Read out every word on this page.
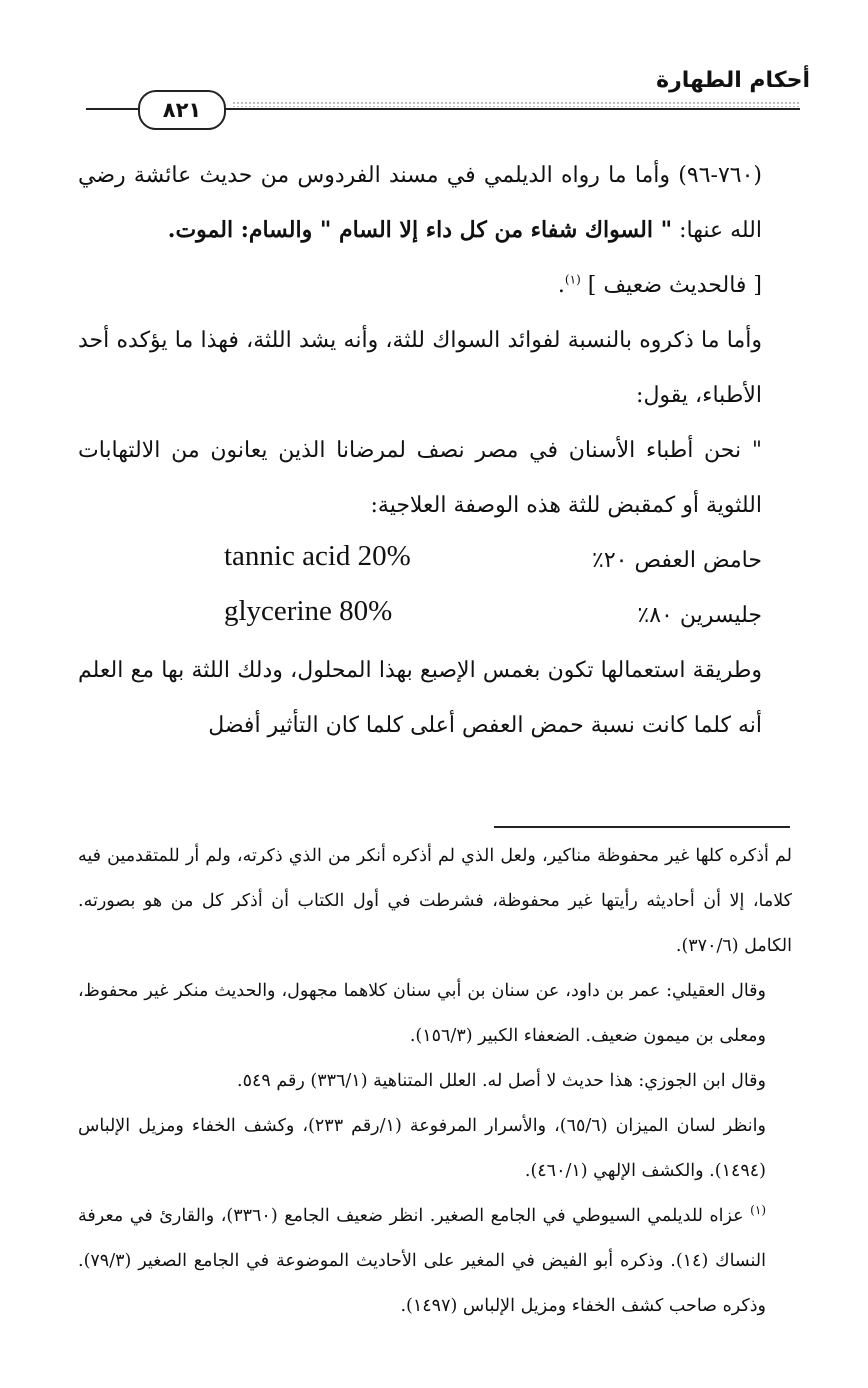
أحكام الطهارة
٨٢١

(٧٦٠-٩٦) وأما ما رواه الديلمي في مسند الفردوس من حديث عائشة رضي الله عنها: " السواك شفاء من كل داء إلا السام " والسام: الموت.

[ فالحديث ضعيف ] $^{(١)}$.

وأما ما ذكروه بالنسبة لفوائد السواك للثة، وأنه يشد اللثة، فهذا ما يؤكده أحد الأطباء، يقول:

" نحن أطباء الأسنان في مصر نصف لمرضانا الذين يعانون من الالتهابات اللثوية أو كمقبض للثة هذه الوصفة العلاجية:

حامض العفص ٢٠٪
tannic acid 20%
جليسرين ٨٠٪
glycerine 80%

وطريقة استعمالها تكون بغمس الإصبع بهذا المحلول، ودلك اللثة بها مع العلم أنه كلما كانت نسبة حمض العفص أعلى كلما كان التأثير أفضل

لم أذكره كلها غير محفوظة مناكير، ولعل الذي لم أذكره أنكر من الذي ذكرته، ولم أر للمتقدمين فيه كلاما، إلا أن أحاديثه رأيتها غير محفوظة، فشرطت في أول الكتاب أن أذكر كل من هو بصورته. الكامل (٣٧٠/٦).

وقال العقيلي: عمر بن داود، عن سنان بن أبي سنان كلاهما مجهول، والحديث منكر غير محفوظ، ومعلى بن ميمون ضعيف. الضعفاء الكبير (١٥٦/٣).

وقال ابن الجوزي: هذا حديث لا أصل له. العلل المتناهية (٣٣٦/١) رقم ٥٤٩.

وانظر لسان الميزان (٦٥/٦)، والأسرار المرفوعة (١/رقم ٢٣٣)، وكشف الخفاء ومزيل الإلباس (١٤٩٤). والكشف الإلهي (٤٦٠/١).

$^{(١)}$ عزاه للديلمي السيوطي في الجامع الصغير. انظر ضعيف الجامع (٣٣٦٠)، والقارئ في معرفة النساك (١٤). وذكره أبو الفيض في المغير على الأحاديث الموضوعة في الجامع الصغير (٧٩/٣). وذكره صاحب كشف الخفاء ومزيل الإلباس (١٤٩٧).
